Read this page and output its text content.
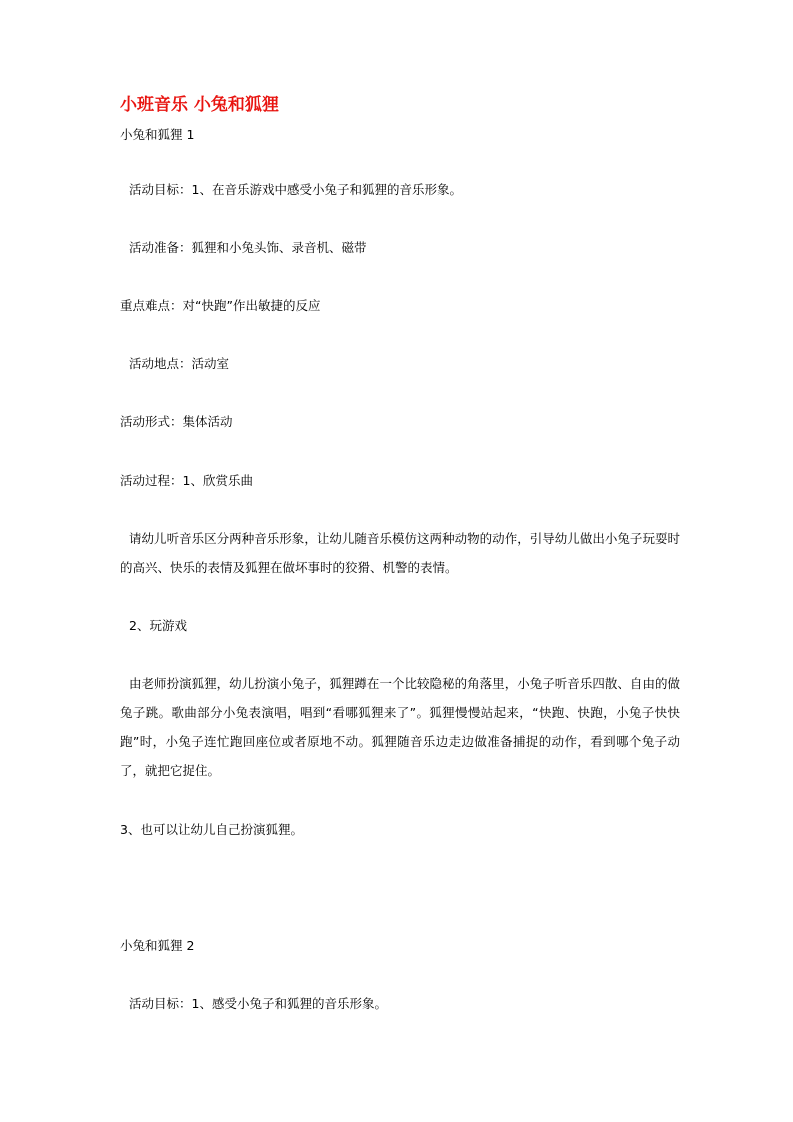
小班音乐 小兔和狐狸
小兔和狐狸 1
活动目标：1、在音乐游戏中感受小兔子和狐狸的音乐形象。
活动准备：狐狸和小兔头饰、录音机、磁带
重点难点：对“快跑”作出敏捷的反应
活动地点：活动室
活动形式：集体活动
活动过程：1、欣赏乐曲
请幼儿听音乐区分两种音乐形象，让幼儿随音乐模仿这两种动物的动作，引导幼儿做出小兔子玩耍时的高兴、快乐的表情及狐狸在做坏事时的狡猾、机警的表情。
2、玩游戏
由老师扮演狐狸，幼儿扮演小兔子，狐狸蹲在一个比较隐秘的角落里，小兔子听音乐四散、自由的做兔子跳。歌曲部分小兔表演唱，唱到“看哪狐狸来了”。狐狸慢慢站起来，“快跑、快跑，小兔子快快跑”时，小兔子连忙跑回座位或者原地不动。狐狸随音乐边走边做准备捕捉的动作，看到哪个兔子动了，就把它捉住。
3、也可以让幼儿自己扮演狐狸。
小兔和狐狸 2
活动目标：1、感受小兔子和狐狸的音乐形象。
